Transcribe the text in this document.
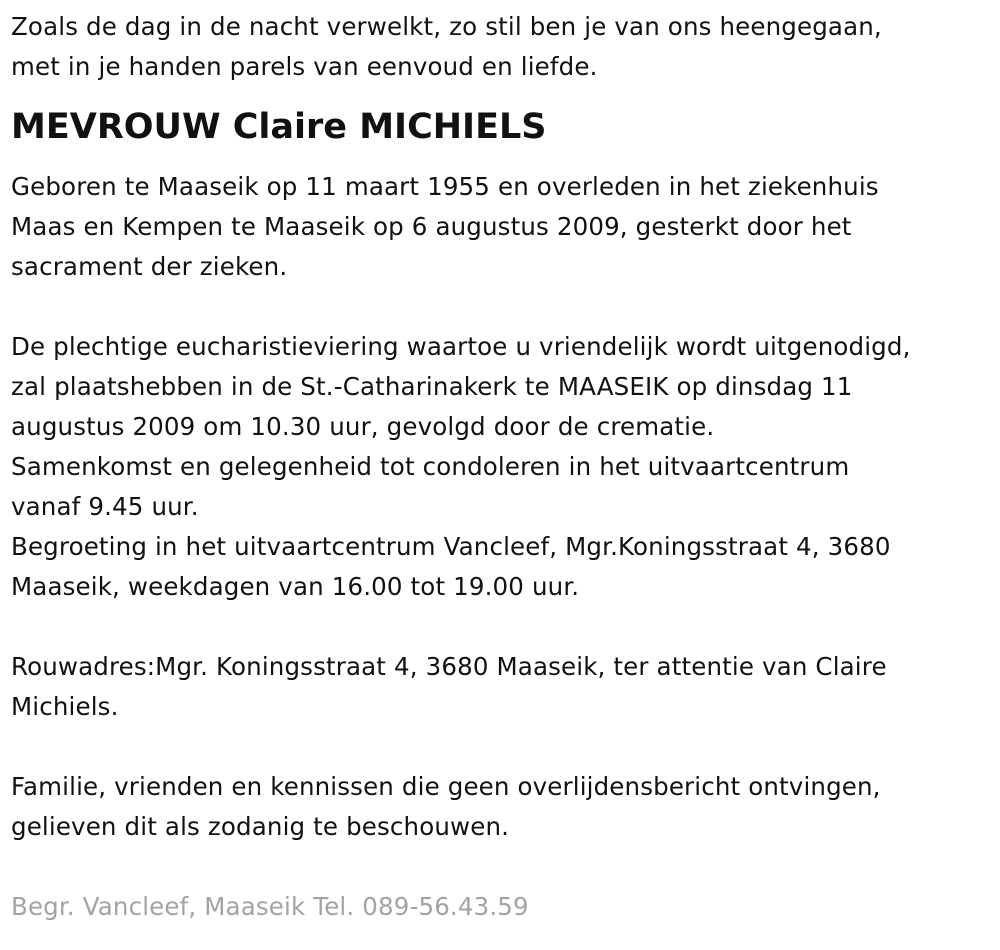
Zoals de dag in de nacht verwelkt, zo stil ben je van ons heengegaan,
met in je handen parels van eenvoud en liefde.
MEVROUW Claire MICHIELS
Geboren te Maaseik op 11 maart 1955 en overleden in het ziekenhuis
Maas en Kempen te Maaseik op 6 augustus 2009, gesterkt door het
sacrament der zieken.
De plechtige eucharistieviering waartoe u vriendelijk wordt uitgenodigd,
zal plaatshebben in de St.-Catharinakerk te MAASEIK op dinsdag 11
augustus 2009 om 10.30 uur, gevolgd door de crematie.
Samenkomst en gelegenheid tot condoleren in het uitvaartcentrum
vanaf 9.45 uur.
Begroeting in het uitvaartcentrum Vancleef, Mgr.Koningsstraat 4, 3680
Maaseik, weekdagen van 16.00 tot 19.00 uur.
Rouwadres:Mgr. Koningsstraat 4, 3680 Maaseik, ter attentie van Claire
Michiels.
Familie, vrienden en kennissen die geen overlijdensbericht ontvingen,
gelieven dit als zodanig te beschouwen.
Begr. Vancleef, Maaseik Tel. 089-56.43.59
